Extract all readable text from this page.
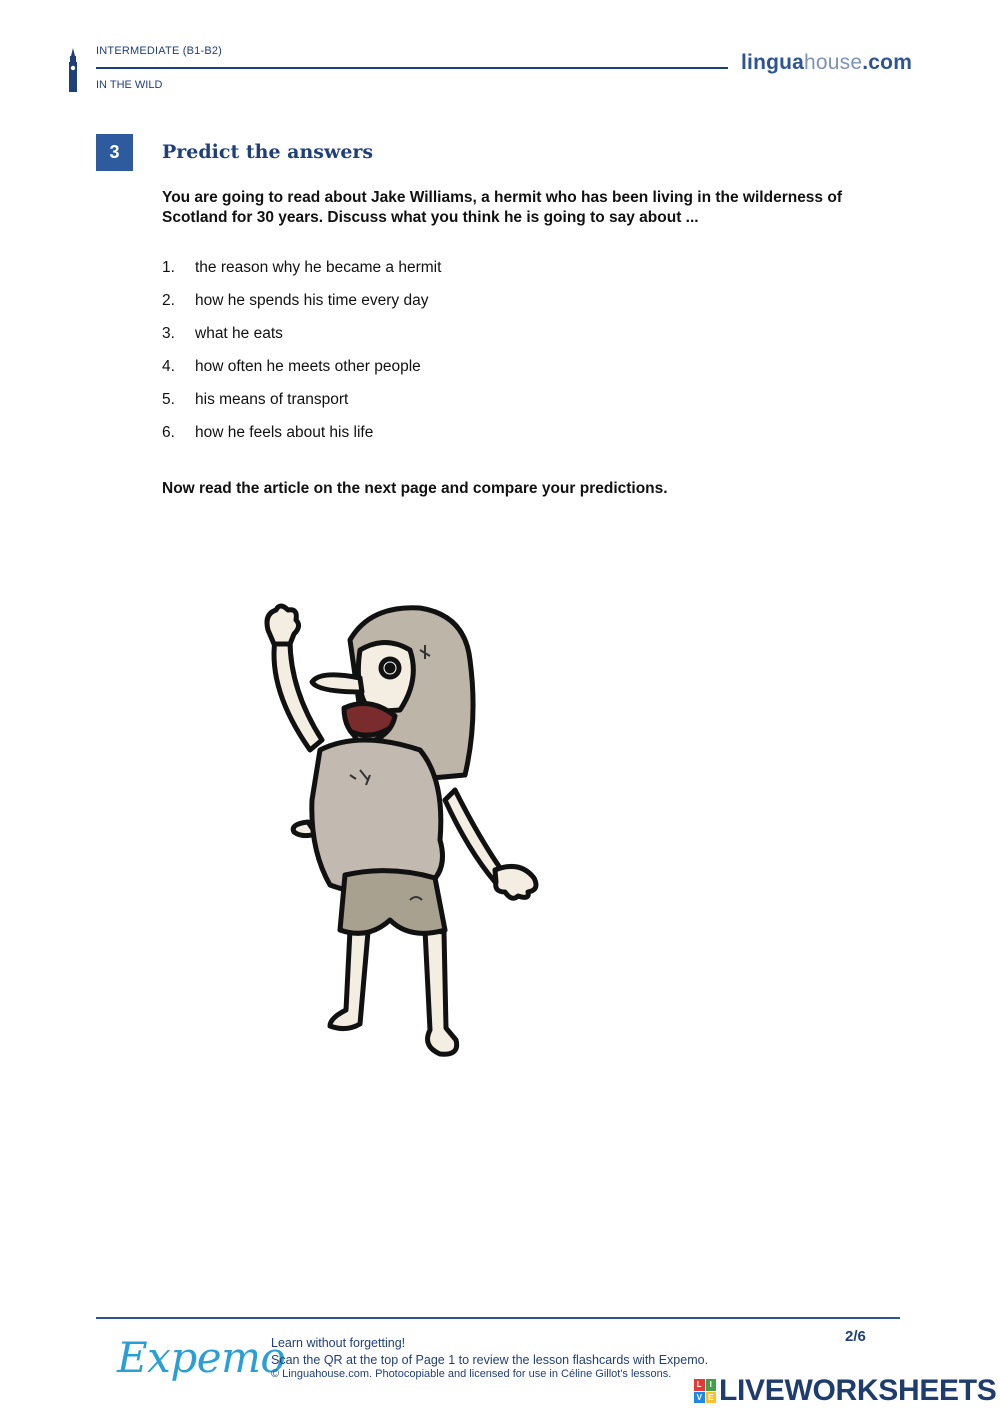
INTERMEDIATE (B1-B2)
IN THE WILD
linguahouse.com
3	Predict the answers
You are going to read about Jake Williams, a hermit who has been living in the wilderness of Scotland for 30 years. Discuss what you think he is going to say about ...
1.	the reason why he became a hermit
2.	how he spends his time every day
3.	what he eats
4.	how often he meets other people
5.	his means of transport
6.	how he feels about his life
Now read the article on the next page and compare your predictions.
Expemo
Learn without forgetting!
Scan the QR at the top of Page 1 to review the lesson flashcards with Expemo.
© Linguahouse.com. Photocopiable and licensed for use in Céline Gillot's lessons.
2/6
L I
V E LIVEWORKSHEETS
